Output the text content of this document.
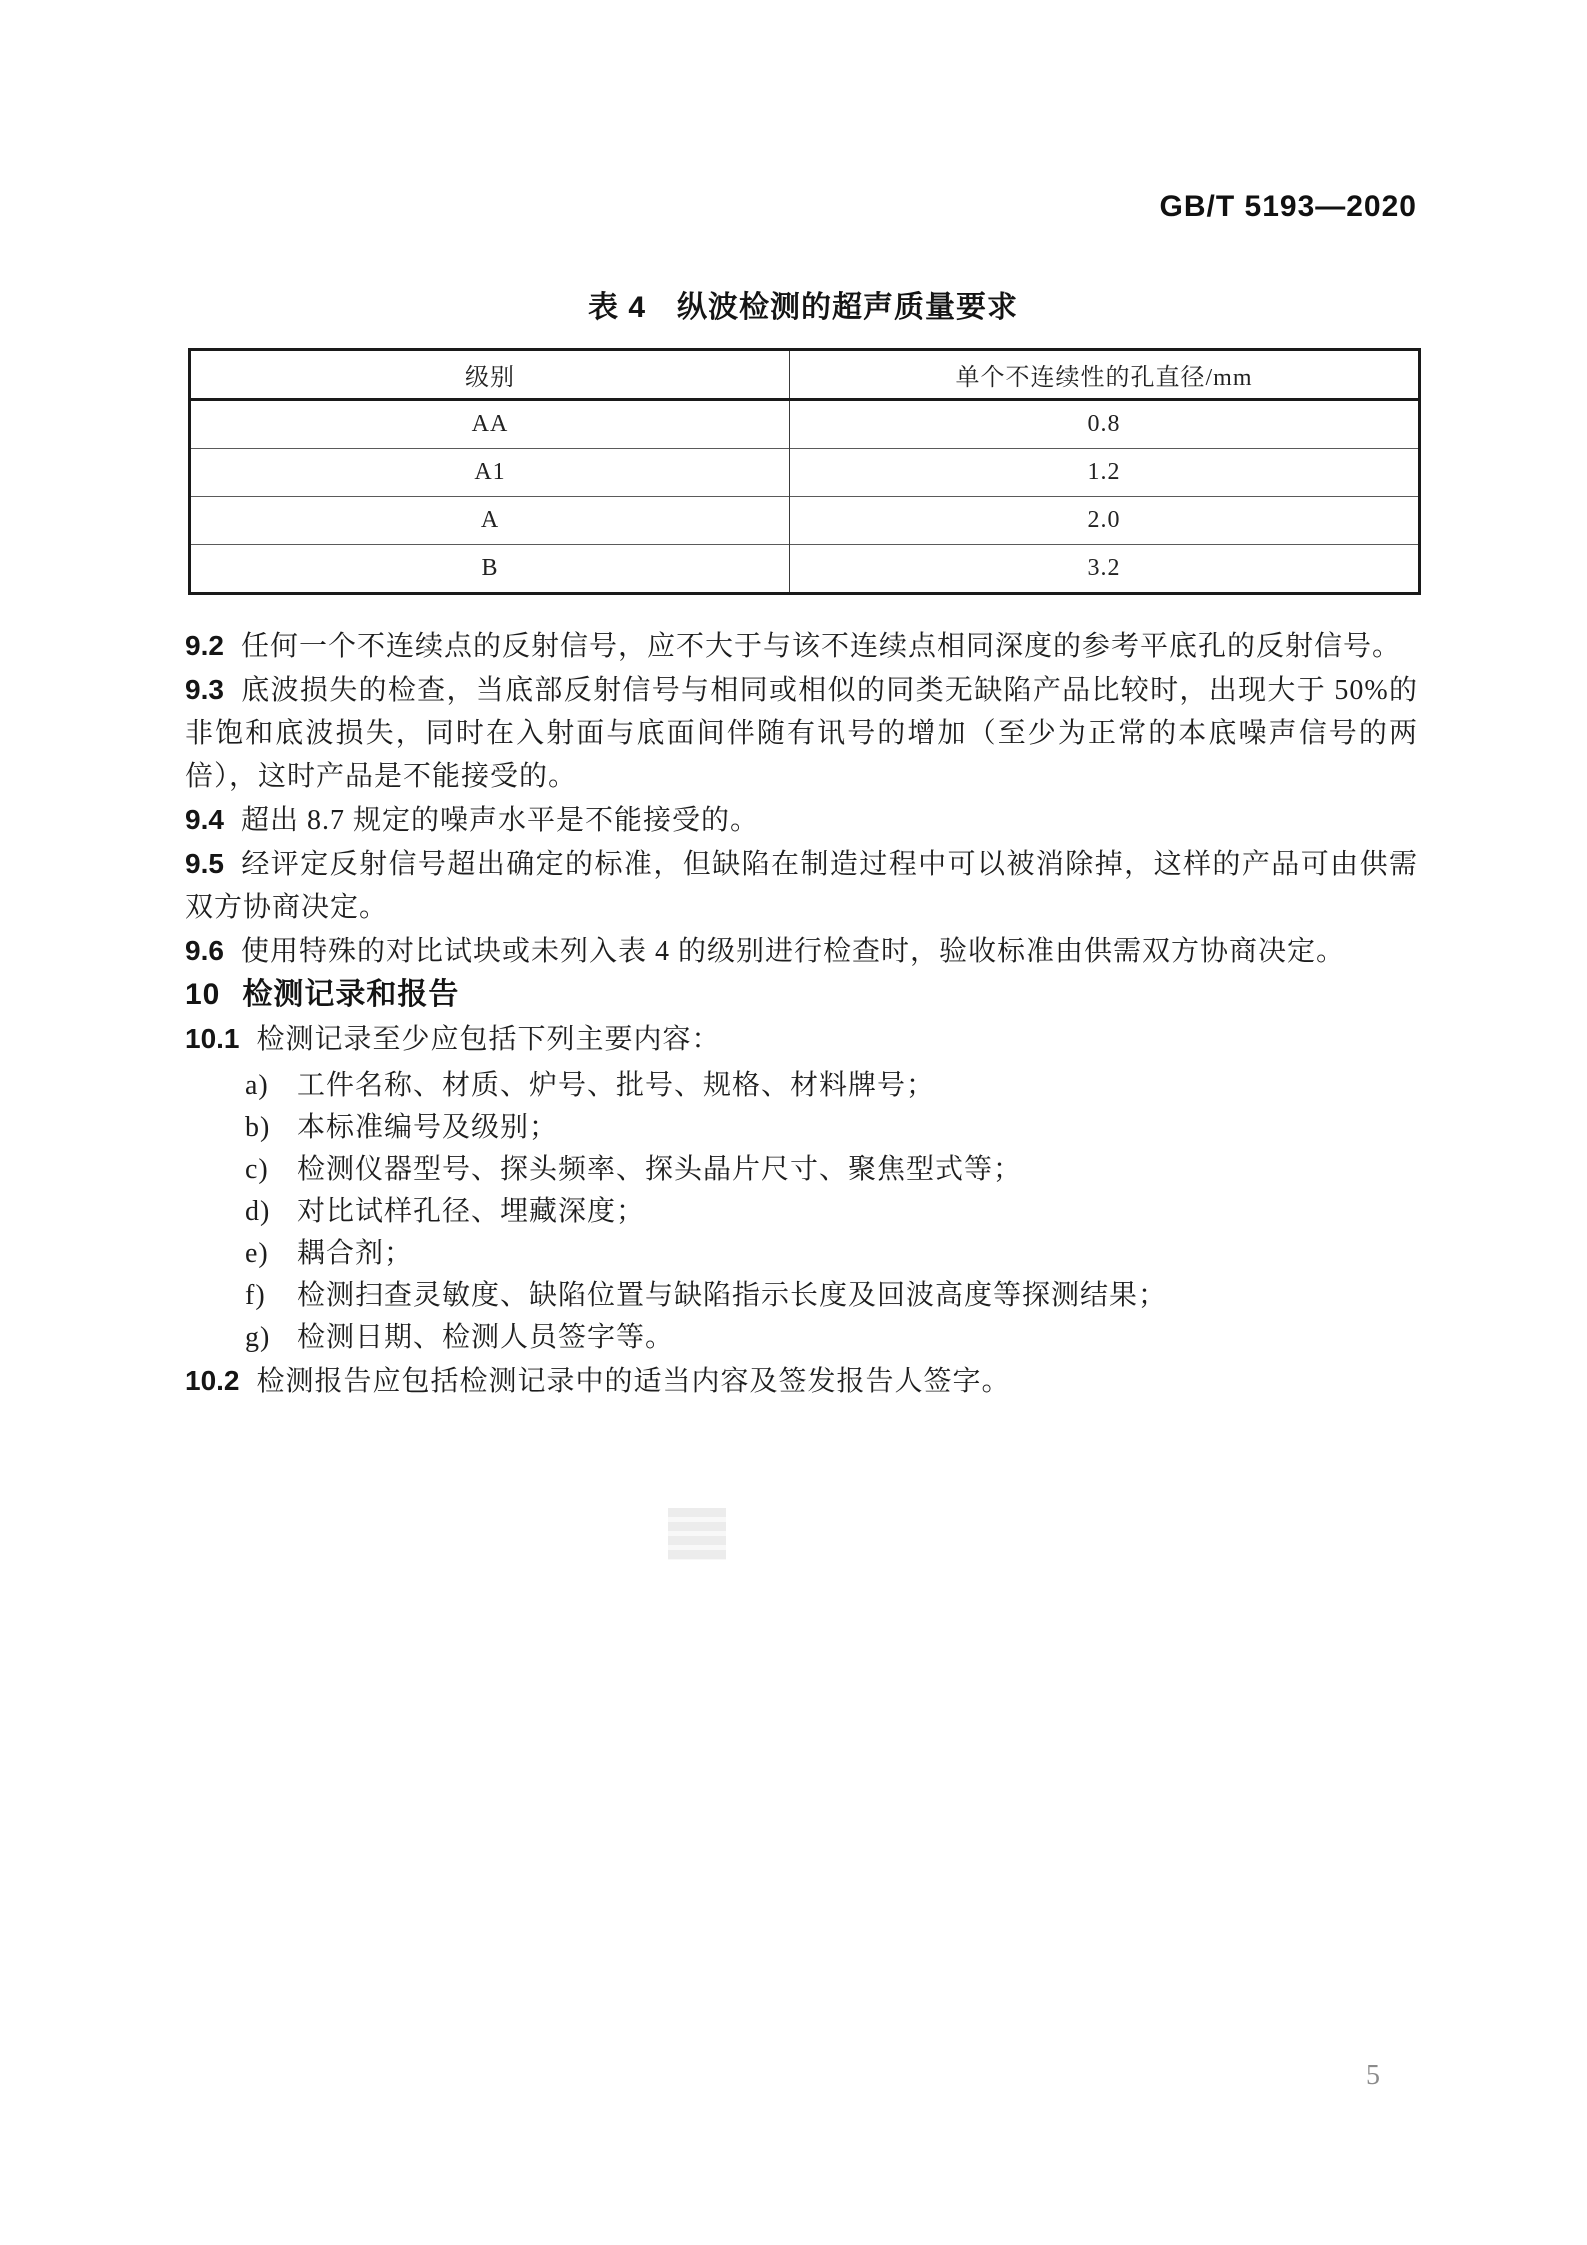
GB/T 5193—2020
表 4　纵波检测的超声质量要求
级别	单个不连续性的孔直径/mm
AA	0.8
A1	1.2
A	2.0
B	3.2

9.2 任何一个不连续点的反射信号，应不大于与该不连续点相同深度的参考平底孔的反射信号。

9.3 底波损失的检查，当底部反射信号与相同或相似的同类无缺陷产品比较时，出现大于 50%的非饱和底波损失，同时在入射面与底面间伴随有讯号的增加（至少为正常的本底噪声信号的两倍），这时产品是不能接受的。

9.4 超出 8.7 规定的噪声水平是不能接受的。

9.5 经评定反射信号超出确定的标准，但缺陷在制造过程中可以被消除掉，这样的产品可由供需双方协商决定。

9.6 使用特殊的对比试块或未列入表 4 的级别进行检查时，验收标准由供需双方协商决定。

10 检测记录和报告

10.1 检测记录至少应包括下列主要内容：

a) 工件名称、材质、炉号、批号、规格、材料牌号；
b) 本标准编号及级别；
c) 检测仪器型号、探头频率、探头晶片尺寸、聚焦型式等；
d) 对比试样孔径、埋藏深度；
e) 耦合剂；
f) 检测扫查灵敏度、缺陷位置与缺陷指示长度及回波高度等探测结果；
g) 检测日期、检测人员签字等。

10.2 检测报告应包括检测记录中的适当内容及签发报告人签字。

5
